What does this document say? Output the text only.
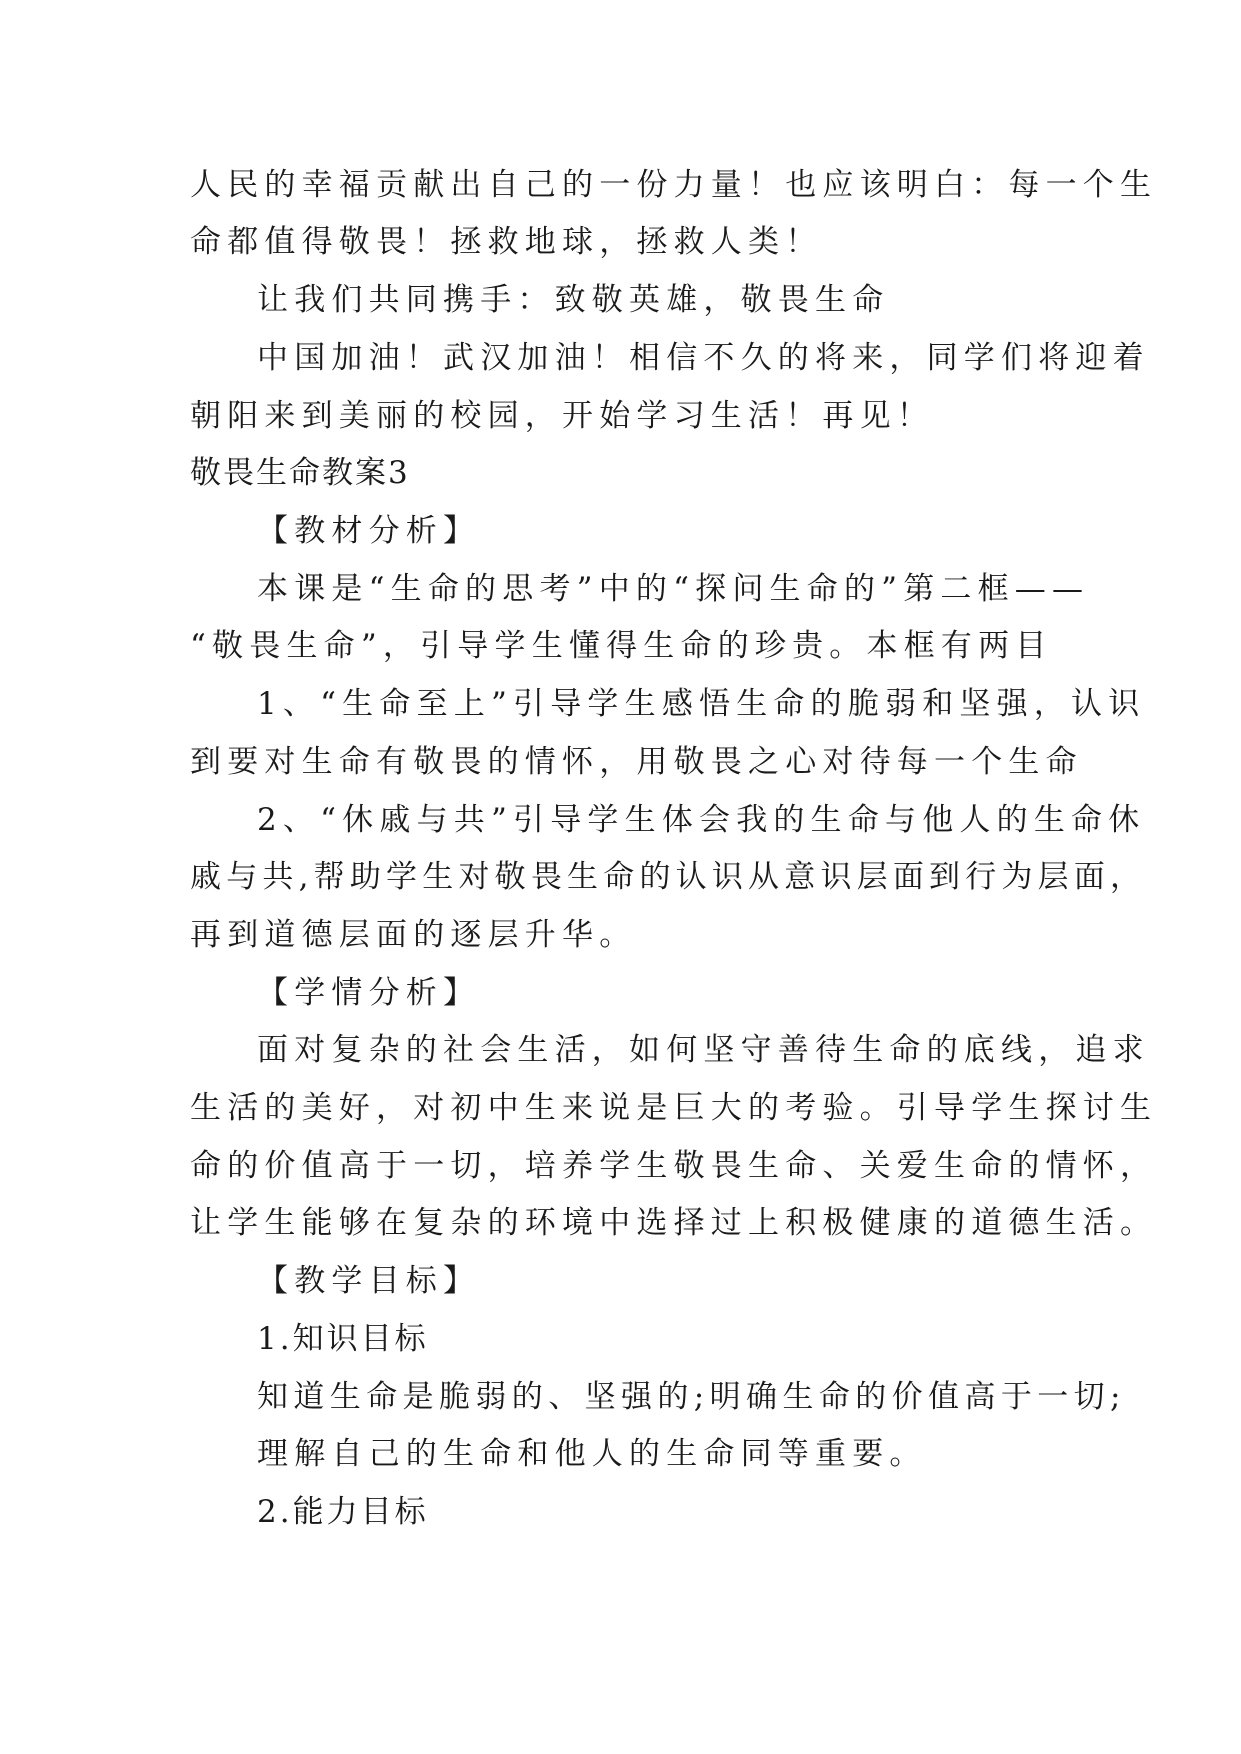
人民的幸福贡献出自己的一份力量！也应该明白：每一个生
命都值得敬畏！拯救地球，拯救人类！
让我们共同携手：致敬英雄，敬畏生命
中国加油！武汉加油！相信不久的将来，同学们将迎着
朝阳来到美丽的校园，开始学习生活！再见！
敬畏生命教案3
【教材分析】
本课是“生命的思考”中的“探问生命的”第二框——
“敬畏生命”，引导学生懂得生命的珍贵。本框有两目
1、“生命至上”引导学生感悟生命的脆弱和坚强，认识
到要对生命有敬畏的情怀，用敬畏之心对待每一个生命
2、“休戚与共”引导学生体会我的生命与他人的生命休
戚与共,帮助学生对敬畏生命的认识从意识层面到行为层面，
再到道德层面的逐层升华。
【学情分析】
面对复杂的社会生活，如何坚守善待生命的底线，追求
生活的美好，对初中生来说是巨大的考验。引导学生探讨生
命的价值高于一切，培养学生敬畏生命、关爱生命的情怀，
让学生能够在复杂的环境中选择过上积极健康的道德生活。
【教学目标】
1.知识目标
知道生命是脆弱的、坚强的;明确生命的价值高于一切;
理解自己的生命和他人的生命同等重要。
2.能力目标
